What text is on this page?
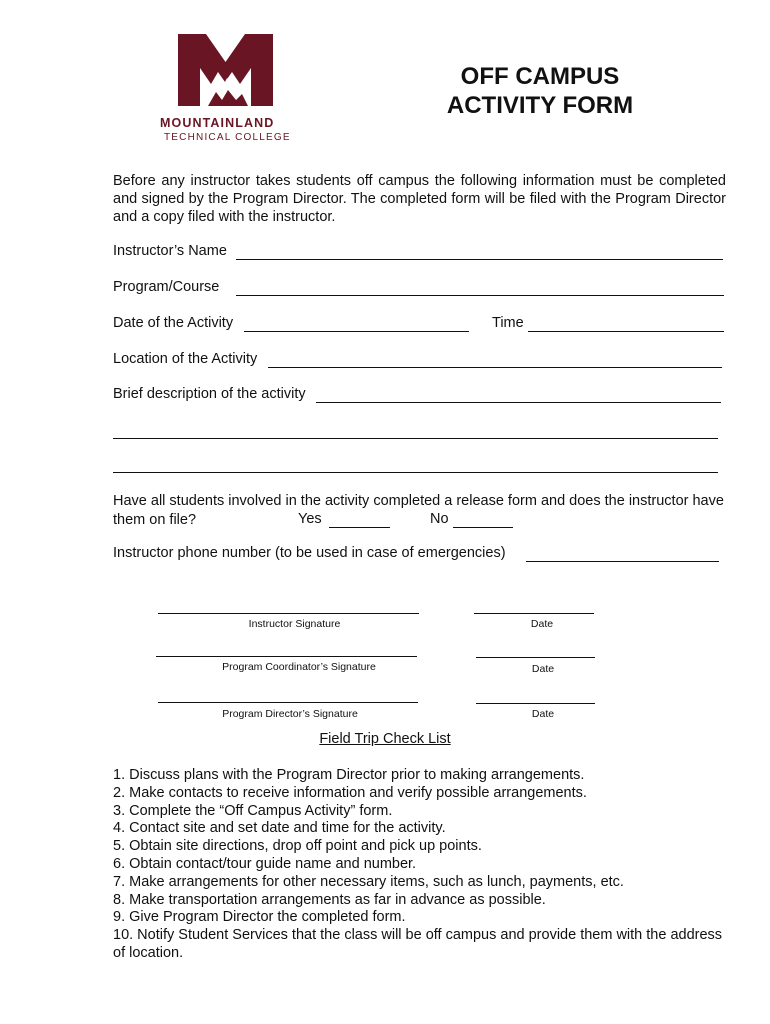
MOUNTAINLAND
TECHNICAL COLLEGE
OFF CAMPUS
ACTIVITY FORM
Before any instructor takes students off campus the following information must be completed and signed by the Program Director. The completed form will be filed with the Program Director and a copy filed with the instructor.
Instructor’s Name
Program/Course
Date of the Activity	Time
Location of the Activity
Brief description of the activity
Have all students involved in the activity completed a release form and does the instructor have them on file?	Yes	No
Instructor phone number (to be used in case of emergencies)
Instructor Signature	Date
Program Coordinator’s Signature	Date
Program Director’s Signature	Date
Field Trip Check List
1. Discuss plans with the Program Director prior to making arrangements.
2. Make contacts to receive information and verify possible arrangements.
3. Complete the “Off Campus Activity” form.
4. Contact site and set date and time for the activity.
5. Obtain site directions, drop off point and pick up points.
6. Obtain contact/tour guide name and number.
7. Make arrangements for other necessary items, such as lunch, payments, etc.
8. Make transportation arrangements as far in advance as possible.
9. Give Program Director the completed form.
10. Notify Student Services that the class will be off campus and provide them with the address of location.
